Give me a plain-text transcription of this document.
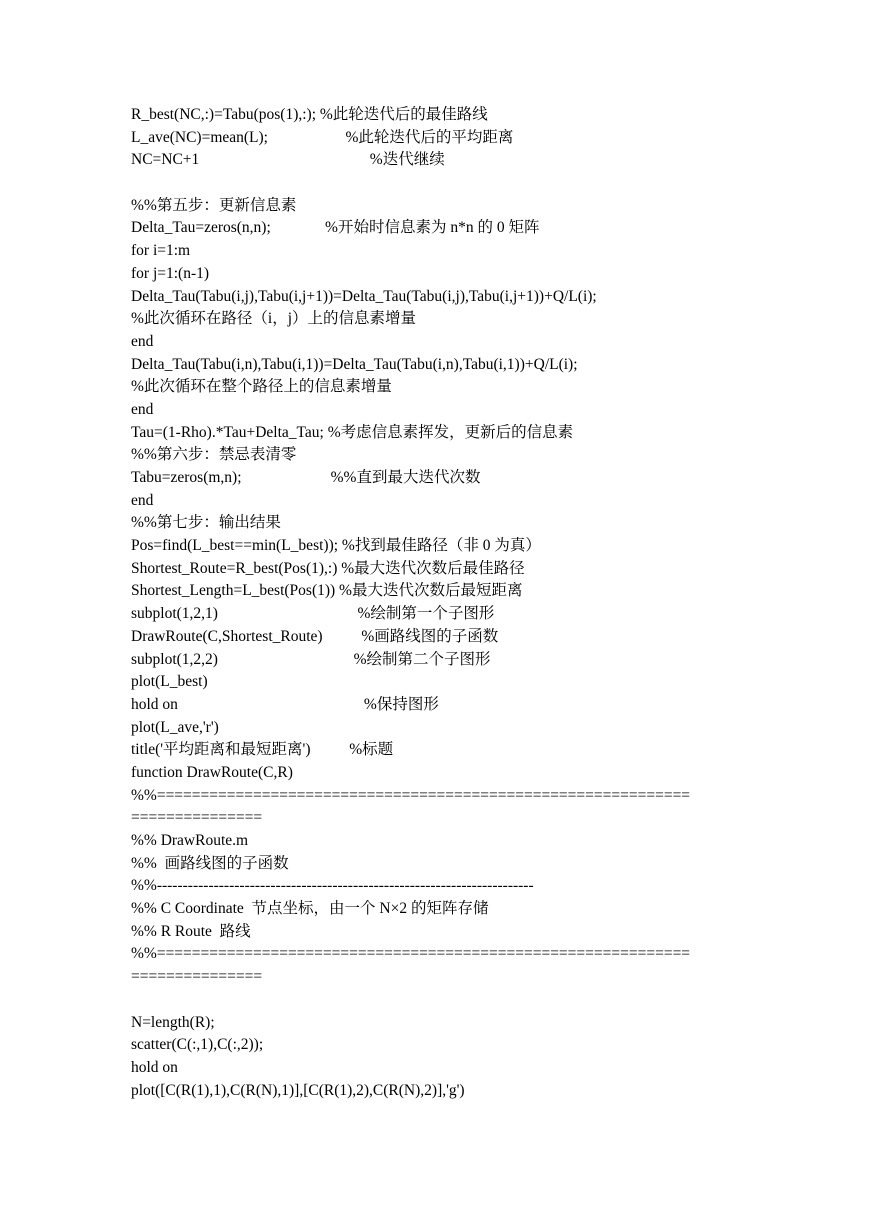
R_best(NC,:)=Tabu(pos(1),:); %此轮迭代后的最佳路线
L_ave(NC)=mean(L);                    %此轮迭代后的平均距离
NC=NC+1                                            %迭代继续
%%第五步：更新信息素
Delta_Tau=zeros(n,n);              %开始时信息素为 n*n 的 0 矩阵
for i=1:m
for j=1:(n-1)
Delta_Tau(Tabu(i,j),Tabu(i,j+1))=Delta_Tau(Tabu(i,j),Tabu(i,j+1))+Q/L(i);
%此次循环在路径（i，j）上的信息素增量
end
Delta_Tau(Tabu(i,n),Tabu(i,1))=Delta_Tau(Tabu(i,n),Tabu(i,1))+Q/L(i);
%此次循环在整个路径上的信息素增量
end
Tau=(1-Rho).*Tau+Delta_Tau; %考虑信息素挥发，更新后的信息素
%%第六步：禁忌表清零
Tabu=zeros(m,n);                       %%直到最大迭代次数
end
%%第七步：输出结果
Pos=find(L_best==min(L_best)); %找到最佳路径（非 0 为真）
Shortest_Route=R_best(Pos(1),:) %最大迭代次数后最佳路径
Shortest_Length=L_best(Pos(1)) %最大迭代次数后最短距离
subplot(1,2,1)                                    %绘制第一个子图形
DrawRoute(C,Shortest_Route)          %画路线图的子函数
subplot(1,2,2)                                   %绘制第二个子图形
plot(L_best)
hold on                                                %保持图形
plot(L_ave,'r')
title('平均距离和最短距离')          %标题
function DrawRoute(C,R)
%%=============================================================
===============
%% DrawRoute.m
%%  画路线图的子函数
%%-------------------------------------------------------------------------
%% C Coordinate  节点坐标，由一个 N×2 的矩阵存储
%% R Route  路线
%%=============================================================
===============
N=length(R);
scatter(C(:,1),C(:,2));
hold on
plot([C(R(1),1),C(R(N),1)],[C(R(1),2),C(R(N),2)],'g')
